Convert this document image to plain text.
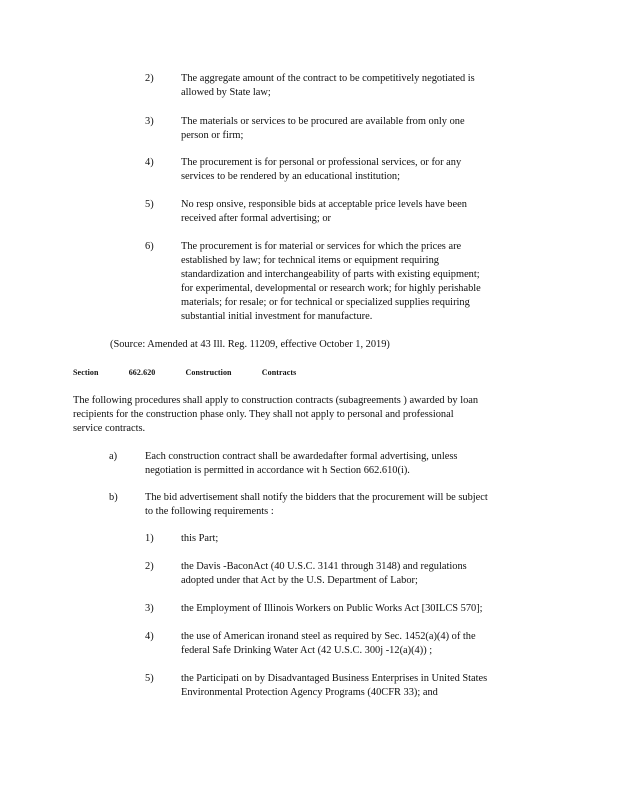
2)	The aggregate amount of the contract to be competitively negotiated is
allowed by State law;
3)	The materials or services to be procured are available from only one
person or firm;
4)	The procurement is for personal or professional services, or for any
services to be rendered by an educational institution;
5)	No resp onsive, responsible bids at acceptable price levels have been
received after formal advertising; or
6)	The procurement is for material or services for which the prices are
established by law; for technical items or equipment requiring
standardization and interchangeability of parts with existing equipment;
for experimental, developmental or research work; for highly perishable
materials; for resale; or for technical or specialized supplies requiring
substantial initial investment for manufacture.
(Source: Amended at 43 Ill. Reg. 11209, effective October 1, 2019)
Section	662.620	Construction	Contracts
The following procedures shall apply to construction contracts (subagreements ) awarded by loan
recipients for the construction phase only. They shall not apply to personal and professional
service contracts.
a)	Each construction contract shall be awardedafter formal advertising, unless
negotiation is permitted in accordance wit h Section 662.610(i).
b)	The bid advertisement shall notify the bidders that the procurement will be subject
to the following requirements :
1)	this Part;
2)	the Davis -BaconAct (40 U.S.C. 3141 through 3148) and regulations
adopted under that Act by the U.S. Department of Labor;
3)	the Employment of Illinois Workers on Public Works Act [30ILCS 570];
4)	the use of American ironand steel as required by Sec. 1452(a)(4) of the
federal Safe Drinking Water Act (42 U.S.C. 300j -12(a)(4)) ;
5)	the Participati on by Disadvantaged Business Enterprises in United States
Environmental Protection Agency Programs (40CFR 33); and
